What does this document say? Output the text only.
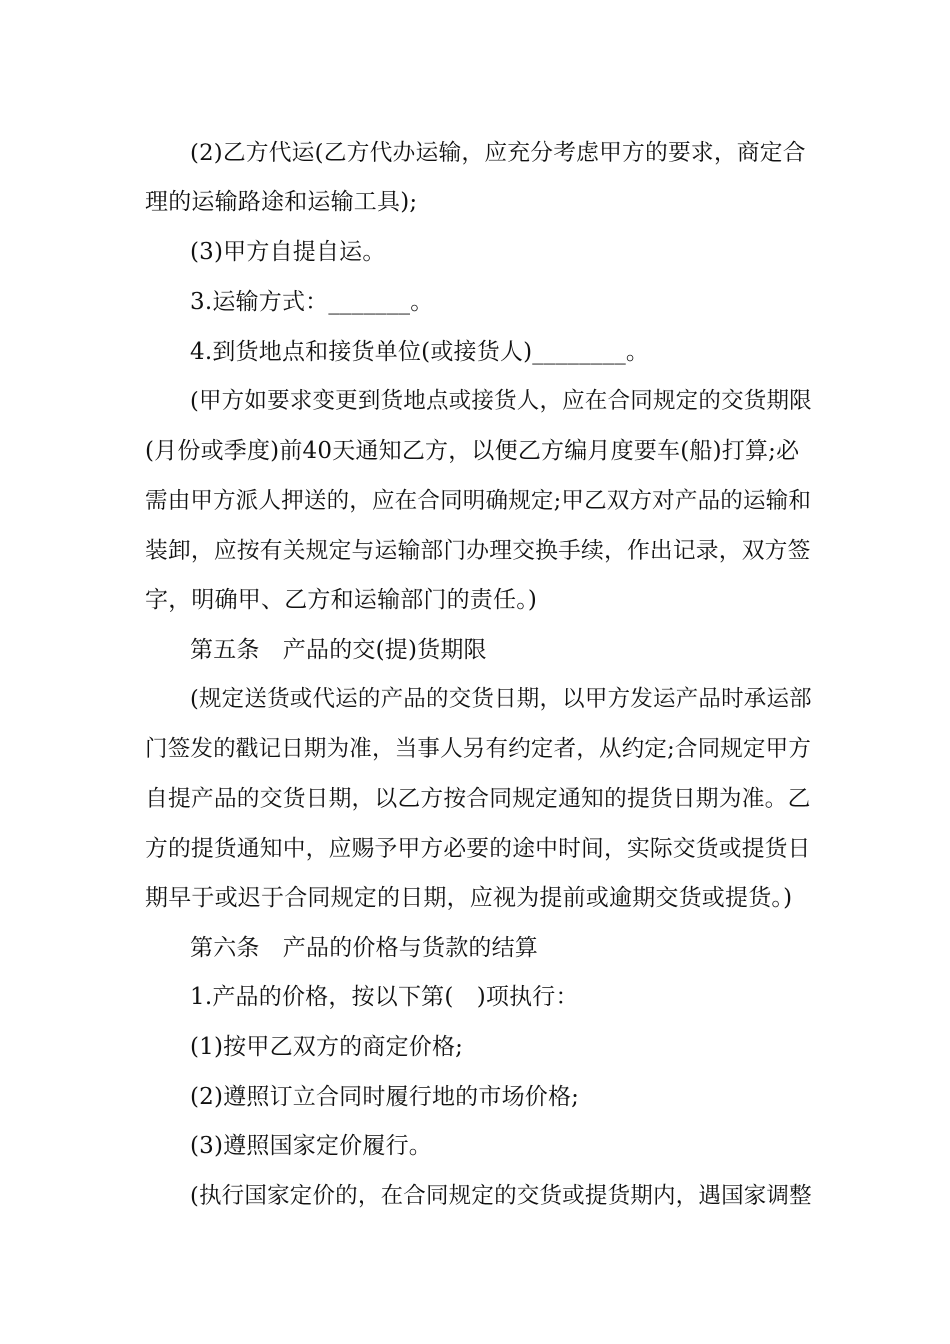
(2)乙方代运(乙方代办运输，应充分考虑甲方的要求，商定合
理的运输路途和运输工具);
(3)甲方自提自运。
3.运输方式：_______。
4.到货地点和接货单位(或接货人)________。
(甲方如要求变更到货地点或接货人，应在合同规定的交货期限
(月份或季度)前40天通知乙方，以便乙方编月度要车(船)打算;必
需由甲方派人押送的，应在合同明确规定;甲乙双方对产品的运输和
装卸，应按有关规定与运输部门办理交换手续，作出记录，双方签
字，明确甲、乙方和运输部门的责任。)
第五条　产品的交(提)货期限
(规定送货或代运的产品的交货日期，以甲方发运产品时承运部
门签发的戳记日期为准，当事人另有约定者，从约定;合同规定甲方
自提产品的交货日期，以乙方按合同规定通知的提货日期为准。乙
方的提货通知中，应赐予甲方必要的途中时间，实际交货或提货日
期早于或迟于合同规定的日期，应视为提前或逾期交货或提货。)
第六条　产品的价格与货款的结算
1.产品的价格，按以下第(　)项执行：
(1)按甲乙双方的商定价格;
(2)遵照订立合同时履行地的市场价格;
(3)遵照国家定价履行。
(执行国家定价的，在合同规定的交货或提货期内，遇国家调整
